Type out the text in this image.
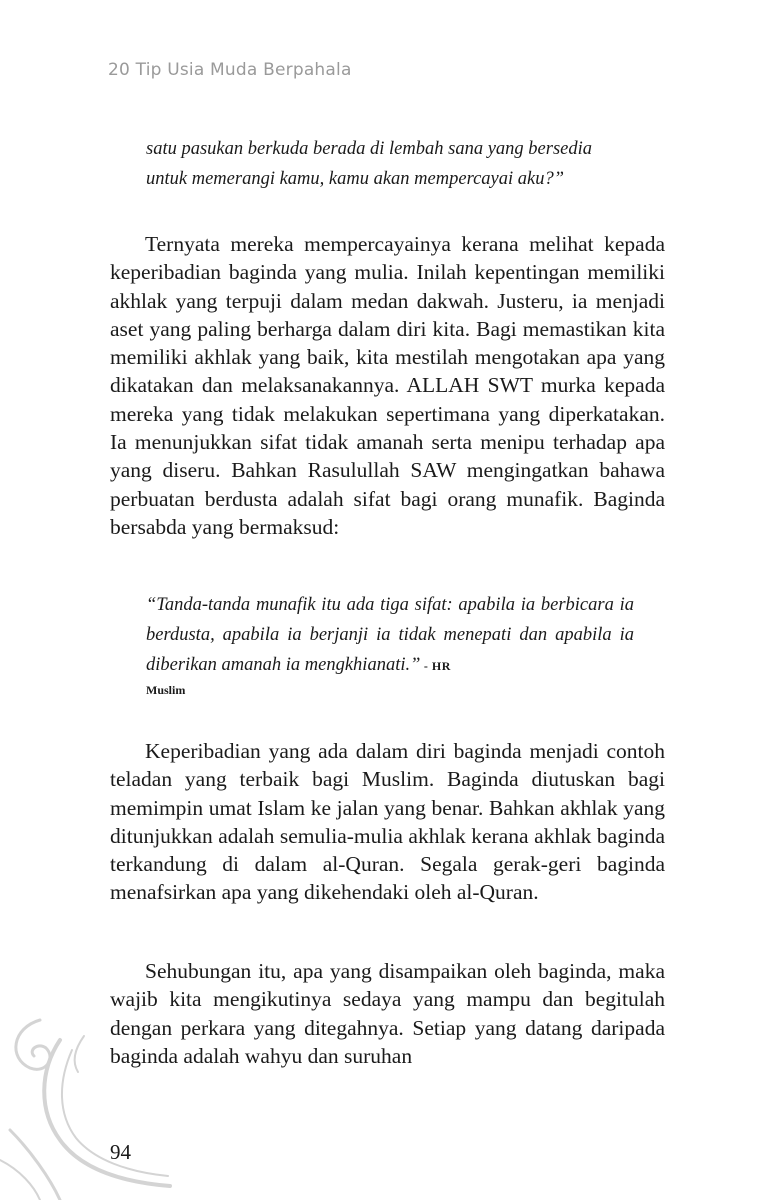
20 Tip Usia Muda Berpahala
satu pasukan berkuda berada di lembah sana yang bersedia untuk memerangi kamu, kamu akan mempercayai aku?”

Ternyata mereka mempercayainya kerana melihat kepada keperibadian baginda yang mulia. Inilah kepentingan memiliki akhlak yang terpuji dalam medan dakwah. Justeru, ia menjadi aset yang paling berharga dalam diri kita. Bagi memastikan kita memiliki akhlak yang baik, kita mestilah mengotakan apa yang dikatakan dan melaksanakannya. ALLAH SWT murka kepada mereka yang tidak melakukan sepertimana yang diperkatakan. Ia menunjukkan sifat tidak amanah serta menipu terhadap apa yang diseru. Bahkan Rasulullah SAW mengingatkan bahawa perbuatan berdusta adalah sifat bagi orang munafik. Baginda bersabda yang bermaksud:

“Tanda-tanda munafik itu ada tiga sifat: apabila ia berbicara ia berdusta, apabila ia berjanji ia tidak menepati dan apabila ia diberikan amanah ia mengkhianati.” - HR
Muslim

Keperibadian yang ada dalam diri baginda menjadi contoh teladan yang terbaik bagi Muslim. Baginda diutuskan bagi memimpin umat Islam ke jalan yang benar. Bahkan akhlak yang ditunjukkan adalah semulia-mulia akhlak kerana akhlak baginda terkandung di dalam al-Quran. Segala gerak-geri baginda menafsirkan apa yang dikehendaki oleh al-Quran.

Sehubungan itu, apa yang disampaikan oleh baginda, maka wajib kita mengikutinya sedaya yang mampu dan begitulah dengan perkara yang ditegahnya. Setiap yang datang daripada baginda adalah wahyu dan suruhan

94
